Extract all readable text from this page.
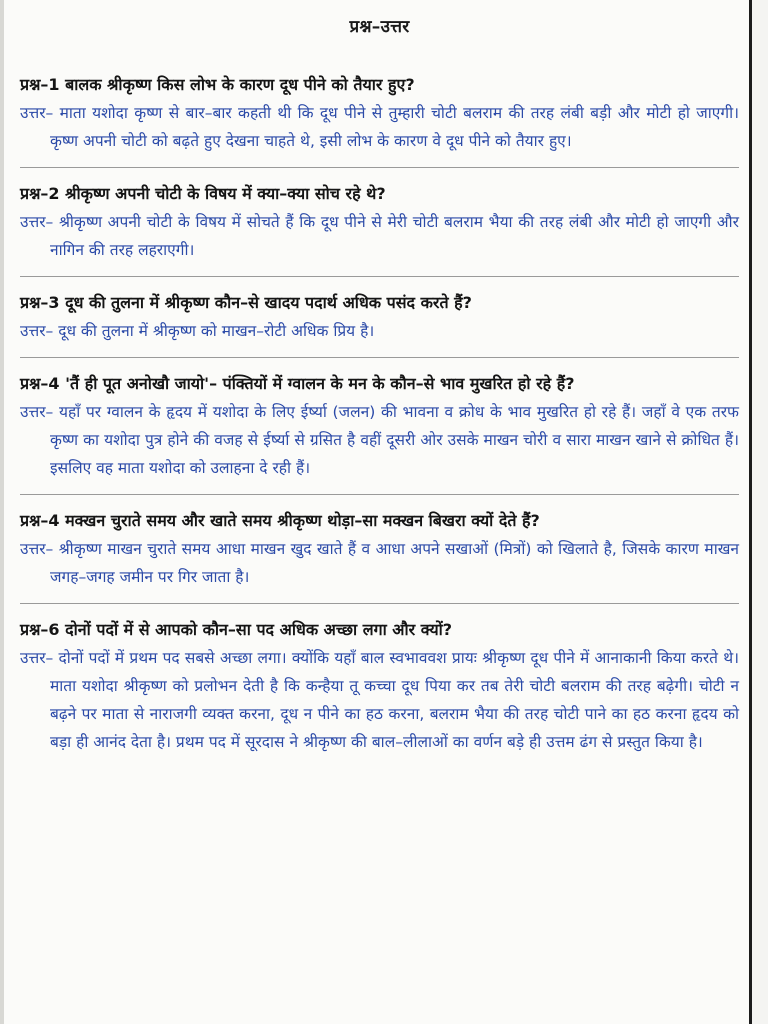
प्रश्न–उत्तर

प्रश्न–1 बालक श्रीकृष्ण किस लोभ के कारण दूध पीने को तैयार हुए?

उत्तर– माता यशोदा कृष्ण से बार–बार कहती थी कि दूध पीने से तुम्हारी चोटी बलराम की तरह लंबी बड़ी और मोटी हो जाएगी। कृष्ण अपनी चोटी को बढ़ते हुए देखना चाहते थे, इसी लोभ के कारण वे दूध पीने को तैयार हुए।

प्रश्न–2 श्रीकृष्ण अपनी चोटी के विषय में क्या–क्या सोच रहे थे?

उत्तर– श्रीकृष्ण अपनी चोटी के विषय में सोचते हैं कि दूध पीने से मेरी चोटी बलराम भैया की तरह लंबी और मोटी हो जाएगी और नागिन की तरह लहराएगी।

प्रश्न–3 दूध की तुलना में श्रीकृष्ण कौन–से खादय पदार्थ अधिक पसंद करते हैं?

उत्तर– दूध की तुलना में श्रीकृष्ण को माखन–रोटी अधिक प्रिय है।

प्रश्न–4 'तैं ही पूत अनोखौ जायो'– पंक्तियों में ग्वालन के मन के कौन–से भाव मुखरित हो रहे हैं?

उत्तर– यहाँ पर ग्वालन के हृदय में यशोदा के लिए ईर्ष्या (जलन) की भावना व क्रोध के भाव मुखरित हो रहे हैं। जहाँ वे एक तरफ कृष्ण का यशोदा पुत्र होने की वजह से ईर्ष्या से ग्रसित है वहीं दूसरी ओर उसके माखन चोरी व सारा माखन खाने से क्रोधित हैं। इसलिए वह माता यशोदा को उलाहना दे रही हैं।

प्रश्न–4 मक्खन चुराते समय और खाते समय श्रीकृष्ण थोड़ा–सा मक्खन बिखरा क्यों देते हैं?

उत्तर– श्रीकृष्ण माखन चुराते समय आधा माखन खुद खाते हैं व आधा अपने सखाओं (मित्रों) को खिलाते है, जिसके कारण माखन जगह–जगह जमीन पर गिर जाता है।

प्रश्न–6 दोनों पदों में से आपको कौन–सा पद अधिक अच्छा लगा और क्यों?

उत्तर– दोनों पदों में प्रथम पद सबसे अच्छा लगा। क्योंकि यहाँ बाल स्वभाववश प्रायः श्रीकृष्ण दूध पीने में आनाकानी किया करते थे। माता यशोदा श्रीकृष्ण को प्रलोभन देती है कि कन्हैया तू कच्चा दूध पिया कर तब तेरी चोटी बलराम की तरह बढ़ेगी। चोटी न बढ़ने पर माता से नाराजगी व्यक्त करना, दूध न पीने का हठ करना, बलराम भैया की तरह चोटी पाने का हठ करना हृदय को बड़ा ही आनंद देता है। प्रथम पद में सूरदास ने श्रीकृष्ण की बाल–लीलाओं का वर्णन बड़े ही उत्तम ढंग से प्रस्तुत किया है।
